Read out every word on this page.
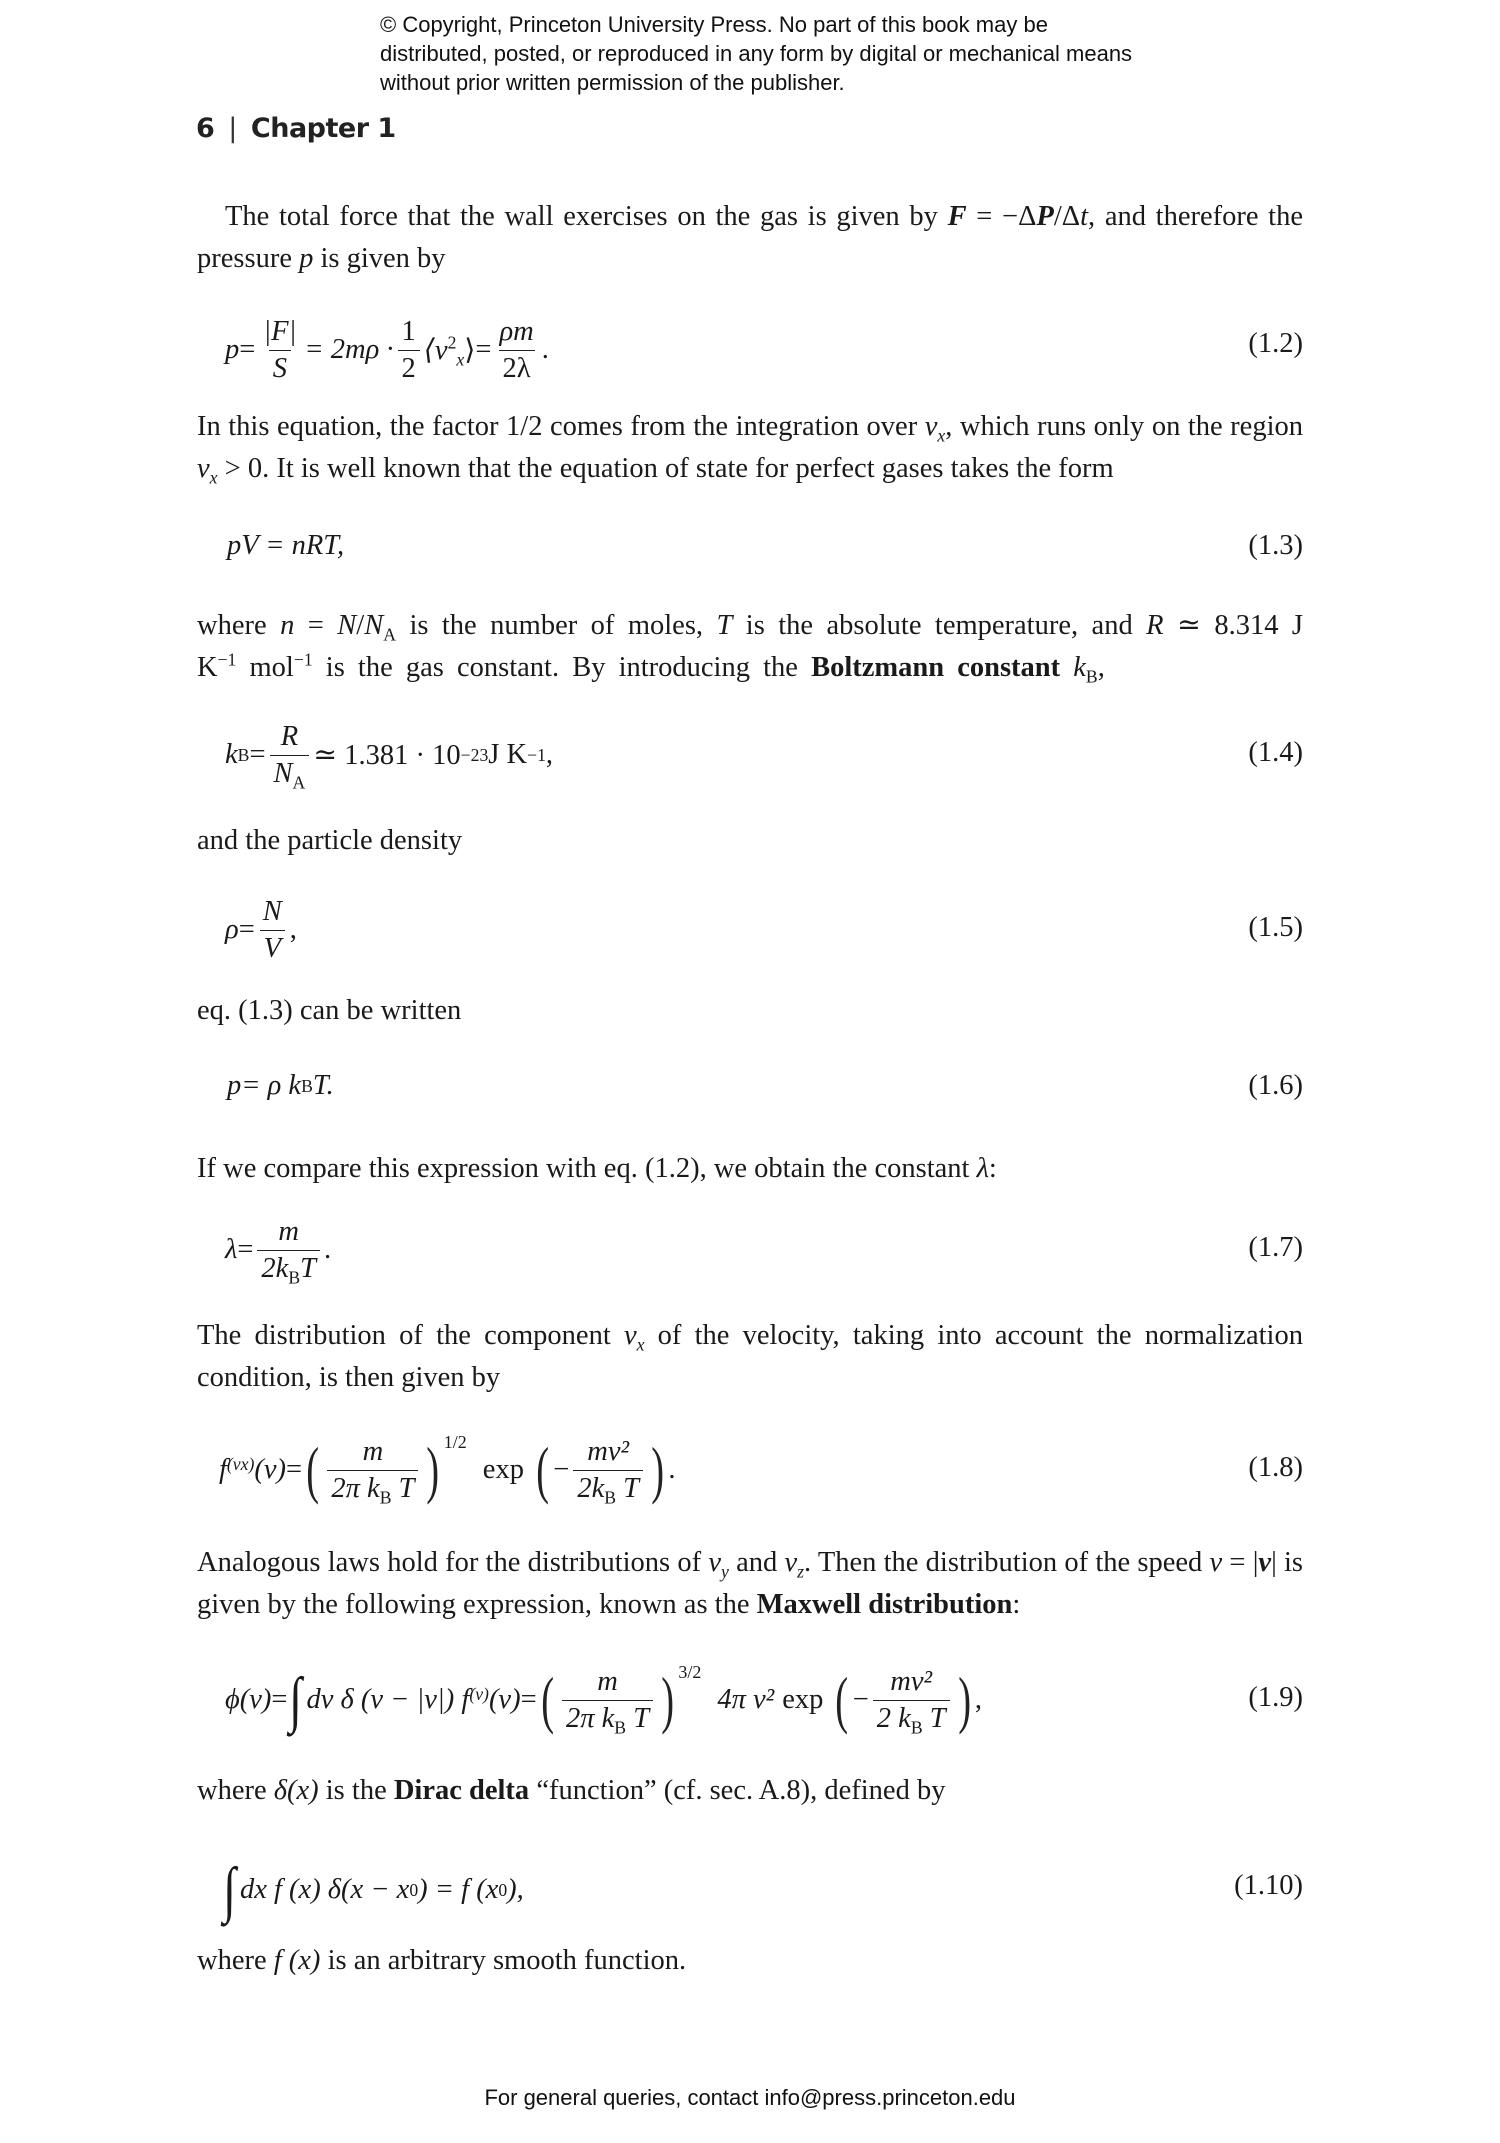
© Copyright, Princeton University Press. No part of this book may be distributed, posted, or reproduced in any form by digital or mechanical means without prior written permission of the publisher.
6 | Chapter 1
The total force that the wall exercises on the gas is given by F = −ΔP/Δt, and therefore the pressure p is given by
$p = \frac{|F|}{S} = 2m\rho \cdot \frac{1}{2}$ $⟨v^2_x⟩ = \frac{\rho m}{2\lambda}$ .	(1.2)
In this equation, the factor 1/2 comes from the integration over $v_x$, which runs only on the region $v_x > 0$. It is well known that the equation of state for perfect gases takes the form
pV = nRT,	(1.3)
where $n = N/N_A$ is the number of moles, T is the absolute temperature, and R ≃ 8.314 J $K^{-1}$ mol$^{-1}$ is the gas constant. By introducing the Boltzmann constant $k_B$,
k $B = \frac{R}{N_A}$ ≃ 1.381 · 10 −23 J K −1 ,	(1.4)
and the particle density
$\rho = \frac{N}{V}$ ,	(1.5)
eq. (1.3) can be written
p = ρ k B T.	(1.6)
If we compare this expression with eq. (1.2), we obtain the constant λ:
$\lambda = \frac{m}{2k_BT}$ .	(1.7)
The distribution of the component $v_x$ of the velocity, taking into account the normalization condition, is then given by
$f^{(vx)}$ (v) = ( $\frac{m}{2\pi k_B T}$ ) 1/2
exp ( − $\frac{\text{mv²}}{2k_B T}$ ) .	(1.8)
Analogous laws hold for the distributions of $v_y$ and $v_z$. Then the distribution of the speed v = |v| is given by the following expression, known as the Maxwell distribution:
ϕ(v) = ∫ dv δ (v − |v|) $f^{(v)}$ (v) = ( $\frac{m}{2\pi k_B T}$ ) 3/2
4π v² exp ( − $\frac{\text{mv²}}{2 k_B T}$ ) ,	(1.9)
where δ(x) is the Dirac delta “function” (cf. sec. A.8), defined by
∫ dx f (x) δ(x − x 0 ) = f (x 0 ),	(1.10)
where f (x) is an arbitrary smooth function.
For general queries, contact info@press.princeton.edu
